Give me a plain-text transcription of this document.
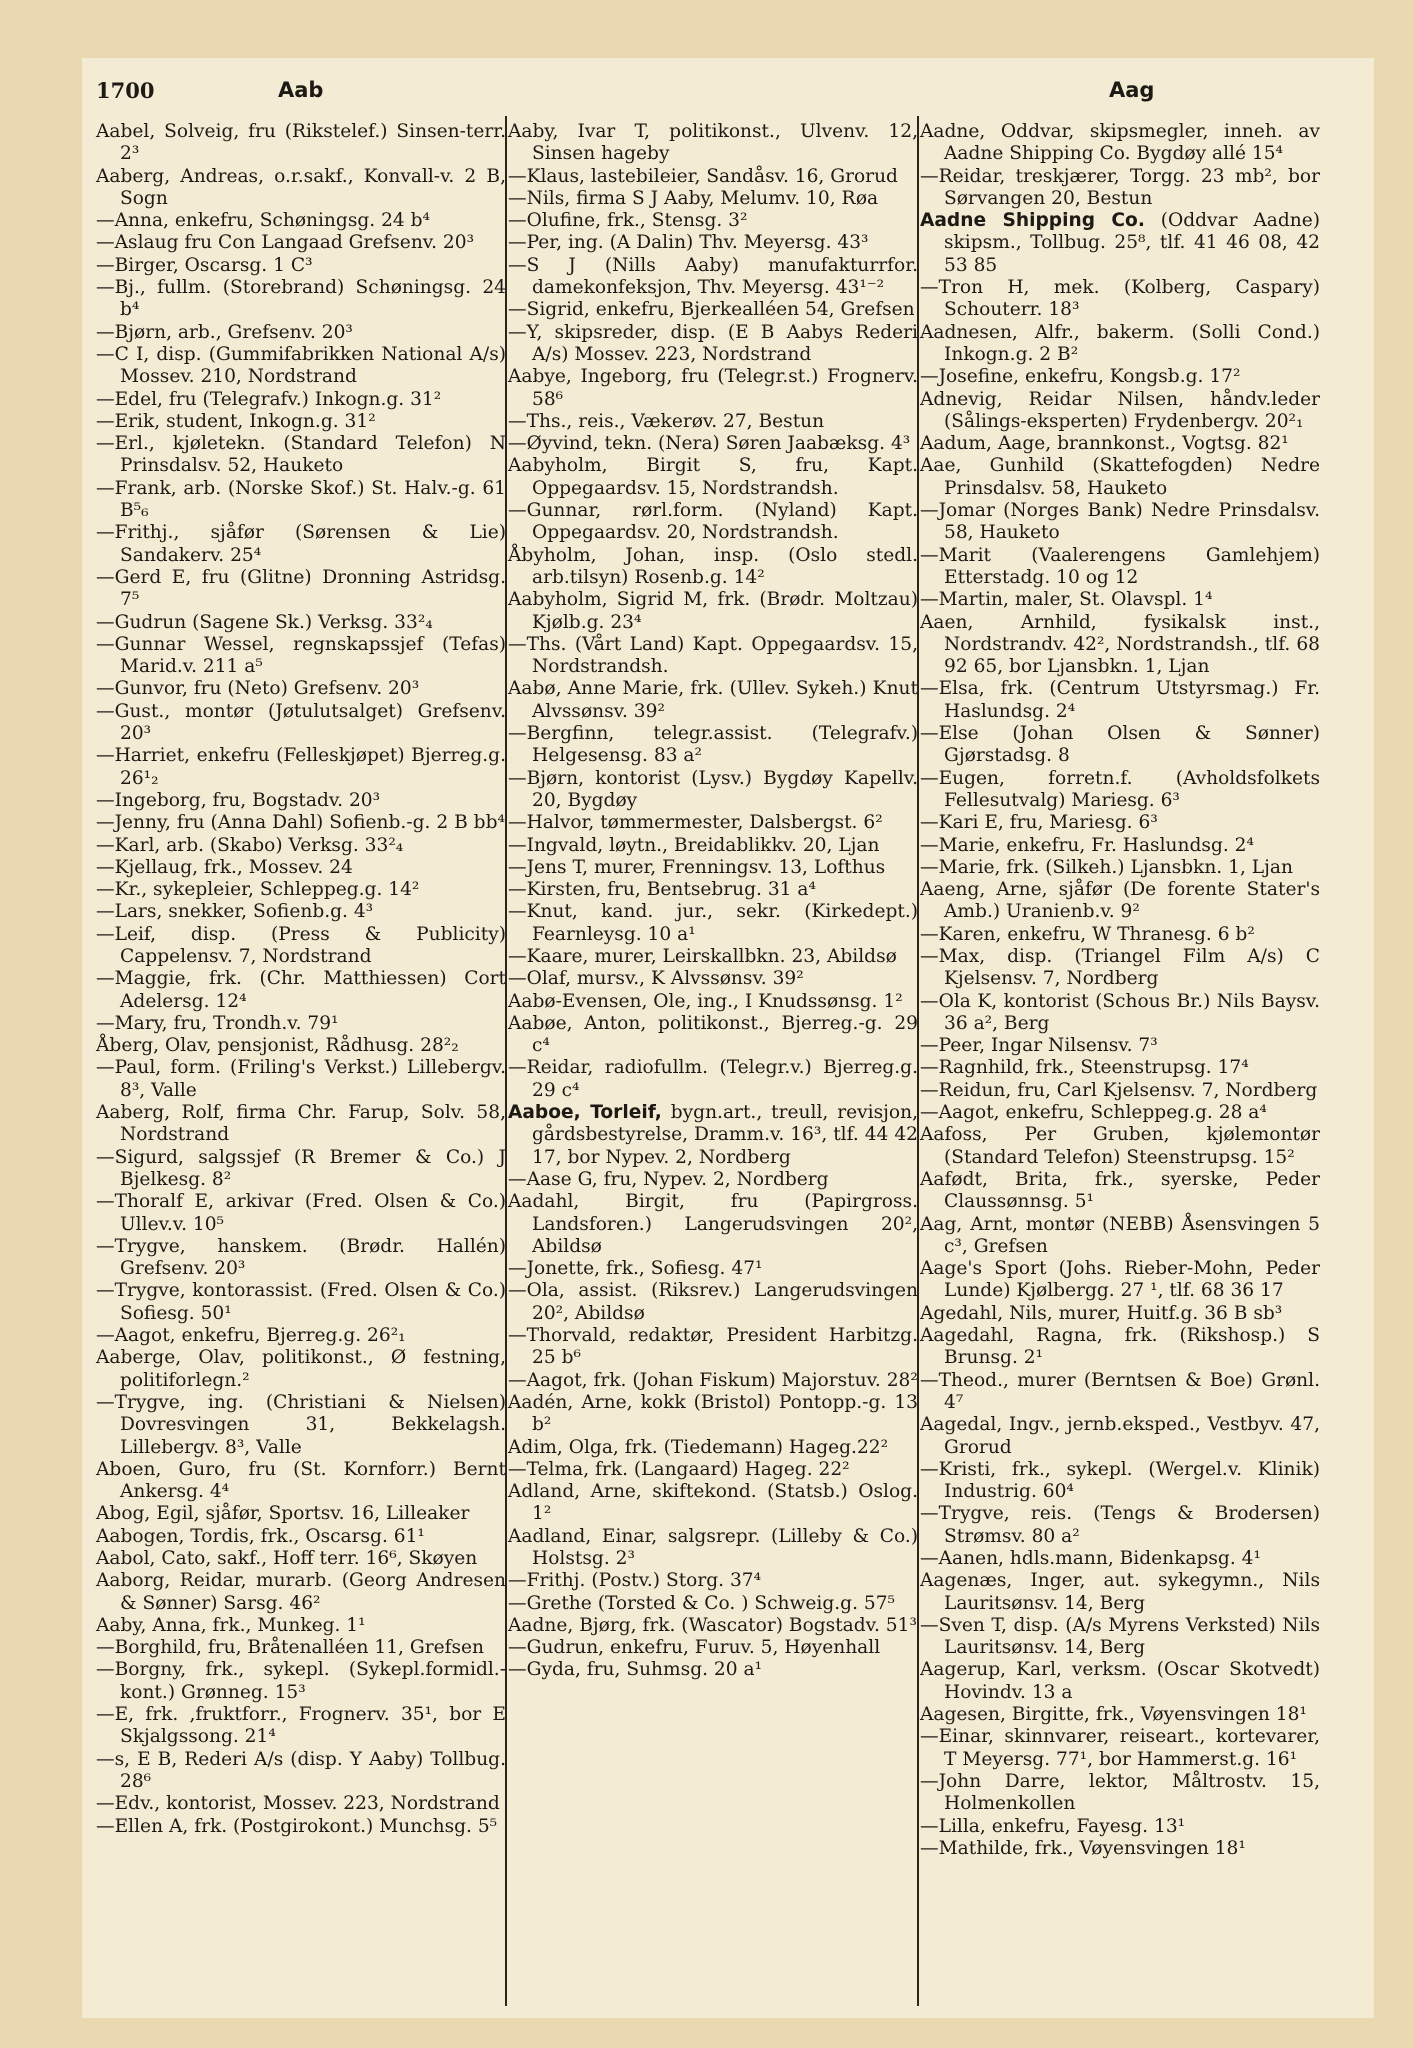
1700	Aab	Aag

Aabel, Solveig, fru (Rikstelef.) Sinsen-terr. 2³

Aaberg, Andreas, o.r.sakf., Konvall-v. 2 B, Sogn

—Anna, enkefru, Schøningsg. 24 b⁴

—Aslaug fru Con Langaad Grefsenv. 20³

—Birger, Oscarsg. 1 C³

—Bj., fullm. (Storebrand) Schøningsg. 24 b⁴

—Bjørn, arb., Grefsenv. 20³

—C I, disp. (Gummifabrikken National A/s) Mossev. 210, Nordstrand

—Edel, fru (Telegrafv.) Inkogn.g. 31²

—Erik, student, Inkogn.g. 31²

—Erl., kjøletekn. (Standard Telefon) N Prinsdalsv. 52, Hauketo

—Frank, arb. (Norske Skof.) St. Halv.-g. 61 B⁵₆

—Frithj., sjåfør (Sørensen & Lie) Sandakerv. 25⁴

—Gerd E, fru (Glitne) Dronning Astridsg. 7⁵

—Gudrun (Sagene Sk.) Verksg. 33²₄

—Gunnar Wessel, regnskapssjef (Tefas) Marid.v. 211 a⁵

—Gunvor, fru (Neto) Grefsenv. 20³

—Gust., montør (Jøtulutsalget) Grefsenv. 20³

—Harriet, enkefru (Felleskjøpet) Bjerreg.g. 26¹₂

—Ingeborg, fru, Bogstadv. 20³

—Jenny, fru (Anna Dahl) Sofienb.-g. 2 B bb⁴

—Karl, arb. (Skabo) Verksg. 33²₄

—Kjellaug, frk., Mossev. 24

—Kr., sykepleier, Schleppeg.g. 14²

—Lars, snekker, Sofienb.g. 4³

—Leif, disp. (Press & Publicity) Cappelensv. 7, Nordstrand

—Maggie, frk. (Chr. Matthiessen) Cort Adelersg. 12⁴

—Mary, fru, Trondh.v. 79¹

Åberg, Olav, pensjonist, Rådhusg. 28²₂

—Paul, form. (Friling's Verkst.) Lillebergv. 8³, Valle

Aaberg, Rolf, firma Chr. Farup, Solv. 58, Nordstrand

—Sigurd, salgssjef (R Bremer & Co.) J Bjelkesg. 8²

—Thoralf E, arkivar (Fred. Olsen & Co.) Ullev.v. 10⁵

—Trygve, hanskem. (Brødr. Hallén) Grefsenv. 20³

—Trygve, kontorassist. (Fred. Olsen & Co.) Sofiesg. 50¹

—Aagot, enkefru, Bjerreg.g. 26²₁

Aaberge, Olav, politikonst., Ø festning, politiforlegn.²

—Trygve, ing. (Christiani & Nielsen) Dovresvingen 31, Bekkelagsh. Lillebergv. 8³, Valle

Aboen, Guro, fru (St. Kornforr.) Bernt Ankersg. 4⁴

Abog, Egil, sjåfør, Sportsv. 16, Lilleaker

Aabogen, Tordis, frk., Oscarsg. 61¹

Aabol, Cato, sakf., Hoff terr. 16⁶, Skøyen

Aaborg, Reidar, murarb. (Georg Andresen & Sønner) Sarsg. 46²

Aaby, Anna, frk., Munkeg. 1¹

—Borghild, fru, Bråtenalléen 11, Grefsen

—Borgny, frk., sykepl. (Sykepl.formidl.-kont.) Grønneg. 15³

—E, frk. ,fruktforr., Frognerv. 35¹, bor E Skjalgssong. 21⁴

—s, E B, Rederi A/s (disp. Y Aaby) Tollbug. 28⁶

—Edv., kontorist, Mossev. 223, Nordstrand

—Ellen A, frk. (Postgirokont.) Munchsg. 5⁵

Aaby, Ivar T, politikonst., Ulvenv. 12, Sinsen hageby

—Klaus, lastebileier, Sandåsv. 16, Grorud

—Nils, firma S J Aaby, Melumv. 10, Røa

—Olufine, frk., Stensg. 3²

—Per, ing. (A Dalin) Thv. Meyersg. 43³

—S J (Nills Aaby) manufakturrfor. damekonfeksjon, Thv. Meyersg. 43¹⁻²

—Sigrid, enkefru, Bjerkealléen 54, Grefsen

—Y, skipsreder, disp. (E B Aabys Rederi A/s) Mossev. 223, Nordstrand

Aabye, Ingeborg, fru (Telegr.st.) Frognerv. 58⁶

—Ths., reis., Vækerøv. 27, Bestun

—Øyvind, tekn. (Nera) Søren Jaabæksg. 4³

Aabyholm, Birgit S, fru, Kapt. Oppegaardsv. 15, Nordstrandsh.

—Gunnar, rørl.form. (Nyland) Kapt. Oppegaardsv. 20, Nordstrandsh.

Åbyholm, Johan, insp. (Oslo stedl. arb.tilsyn) Rosenb.g. 14²

Aabyholm, Sigrid M, frk. (Brødr. Moltzau) Kjølb.g. 23⁴

—Ths. (Vårt Land) Kapt. Oppegaardsv. 15, Nordstrandsh.

Aabø, Anne Marie, frk. (Ullev. Sykeh.) Knut Alvssønsv. 39²

—Bergfinn, telegr.assist. (Telegrafv.) Helgesensg. 83 a²

—Bjørn, kontorist (Lysv.) Bygdøy Kapellv. 20, Bygdøy

—Halvor, tømmermester, Dalsbergst. 6²

—Ingvald, løytn., Breidablikkv. 20, Ljan

—Jens T, murer, Frenningsv. 13, Lofthus

—Kirsten, fru, Bentsebrug. 31 a⁴

—Knut, kand. jur., sekr. (Kirkedept.) Fearnleysg. 10 a¹

—Kaare, murer, Leirskallbkn. 23, Abildsø

—Olaf, mursv., K Alvssønsv. 39²

Aabø-Evensen, Ole, ing., I Knudssønsg. 1²

Aabøe, Anton, politikonst., Bjerreg.-g. 29 c⁴

—Reidar, radiofullm. (Telegr.v.) Bjerreg.g. 29 c⁴

Aaboe, Torleif, bygn.art., treull, revisjon, gårdsbestyrelse, Dramm.v. 16³, tlf. 44 42 17, bor Nypev. 2, Nordberg

—Aase G, fru, Nypev. 2, Nordberg

Aadahl, Birgit, fru (Papirgross. Landsforen.) Langerudsvingen 20², Abildsø

—Jonette, frk., Sofiesg. 47¹

—Ola, assist. (Riksrev.) Langerudsvingen 20², Abildsø

—Thorvald, redaktør, President Harbitzg. 25 b⁶

—Aagot, frk. (Johan Fiskum) Majorstuv. 28²

Aadén, Arne, kokk (Bristol) Pontopp.-g. 13 b²

Adim, Olga, frk. (Tiedemann) Hageg.22²

—Telma, frk. (Langaard) Hageg. 22²

Adland, Arne, skiftekond. (Statsb.) Oslog. 1²

Aadland, Einar, salgsrepr. (Lilleby & Co.) Holstsg. 2³

—Frithj. (Postv.) Storg. 37⁴

—Grethe (Torsted & Co. ) Schweig.g. 57⁵

Aadne, Bjørg, frk. (Wascator) Bogstadv. 51³

—Gudrun, enkefru, Furuv. 5, Høyenhall

—Gyda, fru, Suhmsg. 20 a¹

Aadne, Oddvar, skipsmegler, inneh. av Aadne Shipping Co. Bygdøy allé 15⁴

—Reidar, treskjærer, Torgg. 23 mb², bor Sørvangen 20, Bestun

Aadne Shipping Co. (Oddvar Aadne) skipsm., Tollbug. 25⁸, tlf. 41 46 08, 42 53 85

—Tron H, mek. (Kolberg, Caspary) Schouterr. 18³

Aadnesen, Alfr., bakerm. (Solli Cond.) Inkogn.g. 2 B²

—Josefine, enkefru, Kongsb.g. 17²

Adnevig, Reidar Nilsen, håndv.leder (Sålings-eksperten) Frydenbergv. 20²₁

Aadum, Aage, brannkonst., Vogtsg. 82¹

Aae, Gunhild (Skattefogden) Nedre Prinsdalsv. 58, Hauketo

—Jomar (Norges Bank) Nedre Prinsdalsv. 58, Hauketo

—Marit (Vaalerengens Gamlehjem) Etterstadg. 10 og 12

—Martin, maler, St. Olavspl. 1⁴

Aaen, Arnhild, fysikalsk inst., Nordstrandv. 42², Nordstrandsh., tlf. 68 92 65, bor Ljansbkn. 1, Ljan

—Elsa, frk. (Centrum Utstyrsmag.) Fr. Haslundsg. 2⁴

—Else (Johan Olsen & Sønner) Gjørstadsg. 8

—Eugen, forretn.f. (Avholdsfolkets Fellesutvalg) Mariesg. 6³

—Kari E, fru, Mariesg. 6³

—Marie, enkefru, Fr. Haslundsg. 2⁴

—Marie, frk. (Silkeh.) Ljansbkn. 1, Ljan

Aaeng, Arne, sjåfør (De forente Stater's Amb.) Uranienb.v. 9²

—Karen, enkefru, W Thranesg. 6 b²

—Max, disp. (Triangel Film A/s) C Kjelsensv. 7, Nordberg

—Ola K, kontorist (Schous Br.) Nils Baysv. 36 a², Berg

—Peer, Ingar Nilsensv. 7³

—Ragnhild, frk., Steenstrupsg. 17⁴

—Reidun, fru, Carl Kjelsensv. 7, Nordberg

—Aagot, enkefru, Schleppeg.g. 28 a⁴

Aafoss, Per Gruben, kjølemontør (Standard Telefon) Steenstrupsg. 15²

Aafødt, Brita, frk., syerske, Peder Claussønnsg. 5¹

Aag, Arnt, montør (NEBB) Åsensvingen 5 c³, Grefsen

Aage's Sport (Johs. Rieber-Mohn, Peder Lunde) Kjølbergg. 27 ¹, tlf. 68 36 17

Agedahl, Nils, murer, Huitf.g. 36 B sb³

Aagedahl, Ragna, frk. (Rikshosp.) S Brunsg. 2¹

—Theod., murer (Berntsen & Boe) Grønl. 4⁷

Aagedal, Ingv., jernb.eksped., Vestbyv. 47, Grorud

—Kristi, frk., sykepl. (Wergel.v. Klinik) Industrig. 60⁴

—Trygve, reis. (Tengs & Brodersen) Strømsv. 80 a²

—Aanen, hdls.mann, Bidenkapsg. 4¹

Aagenæs, Inger, aut. sykegymn., Nils Lauritsønsv. 14, Berg

—Sven T, disp. (A/s Myrens Verksted) Nils Lauritsønsv. 14, Berg

Aagerup, Karl, verksm. (Oscar Skotvedt) Hovindv. 13 a

Aagesen, Birgitte, frk., Vøyensvingen 18¹

—Einar, skinnvarer, reiseart., kortevarer, T Meyersg. 77¹, bor Hammerst.g. 16¹

—John Darre, lektor, Måltrostv. 15, Holmenkollen

—Lilla, enkefru, Fayesg. 13¹

—Mathilde, frk., Vøyensvingen 18¹
